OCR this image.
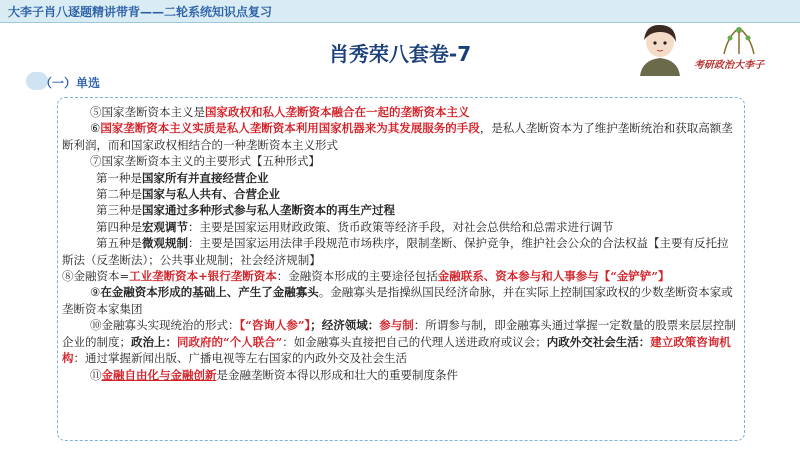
大李子肖八逐题精讲带背——二轮系统知识点复习
肖秀荣八套卷-7
（一）单选
考研政治大李子

⑤国家垄断资本主义是国家政权和私人垄断资本融合在一起的垄断资本主义

⑥国家垄断资本主义实质是私人垄断资本利用国家机器来为其发展服务的手段，是私人垄断资本为了维护垄断统治和获取高额垄断利润，而和国家政权相结合的一种垄断资本主义形式

⑦国家垄断资本主义的主要形式【五种形式】

第一种是国家所有并直接经营企业

第二种是国家与私人共有、合营企业

第三种是国家通过多种形式参与私人垄断资本的再生产过程

第四种是宏观调节：主要是国家运用财政政策、货币政策等经济手段，对社会总供给和总需求进行调节

第五种是微观规制：主要是国家运用法律手段规范市场秩序，限制垄断、保护竞争，维护社会公众的合法权益【主要有反托拉斯法（反垄断法）；公共事业规制；社会经济规制】

⑧金融资本=工业垄断资本+银行垄断资本：金融资本形成的主要途径包括金融联系、资本参与和人事参与【“金铲铲”】

⑨在金融资本形成的基础上、产生了金融寡头。金融寡头是指操纵国民经济命脉，并在实际上控制国家政权的少数垄断资本家或垄断资本家集团

⑩金融寡头实现统治的形式：【“咨询人参”】；经济领域：参与制：所谓参与制，即金融寡头通过掌握一定数量的股票来层层控制企业的制度；政治上：同政府的“个人联合”：如金融寡头直接把自己的代理人送进政府或议会；内政外交社会生活：建立政策咨询机构：通过掌握新闻出版、广播电视等左右国家的内政外交及社会生活

⑪金融自由化与金融创新是金融垄断资本得以形成和壮大的重要制度条件
